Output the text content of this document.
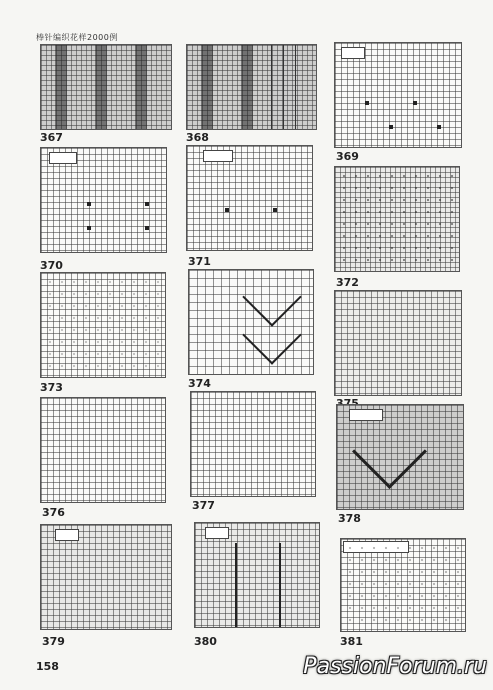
棒针编织花样2000例
367	368
369
370	371
372
373	374
376
377
378
379	380	381
158	PassionForum.ru
